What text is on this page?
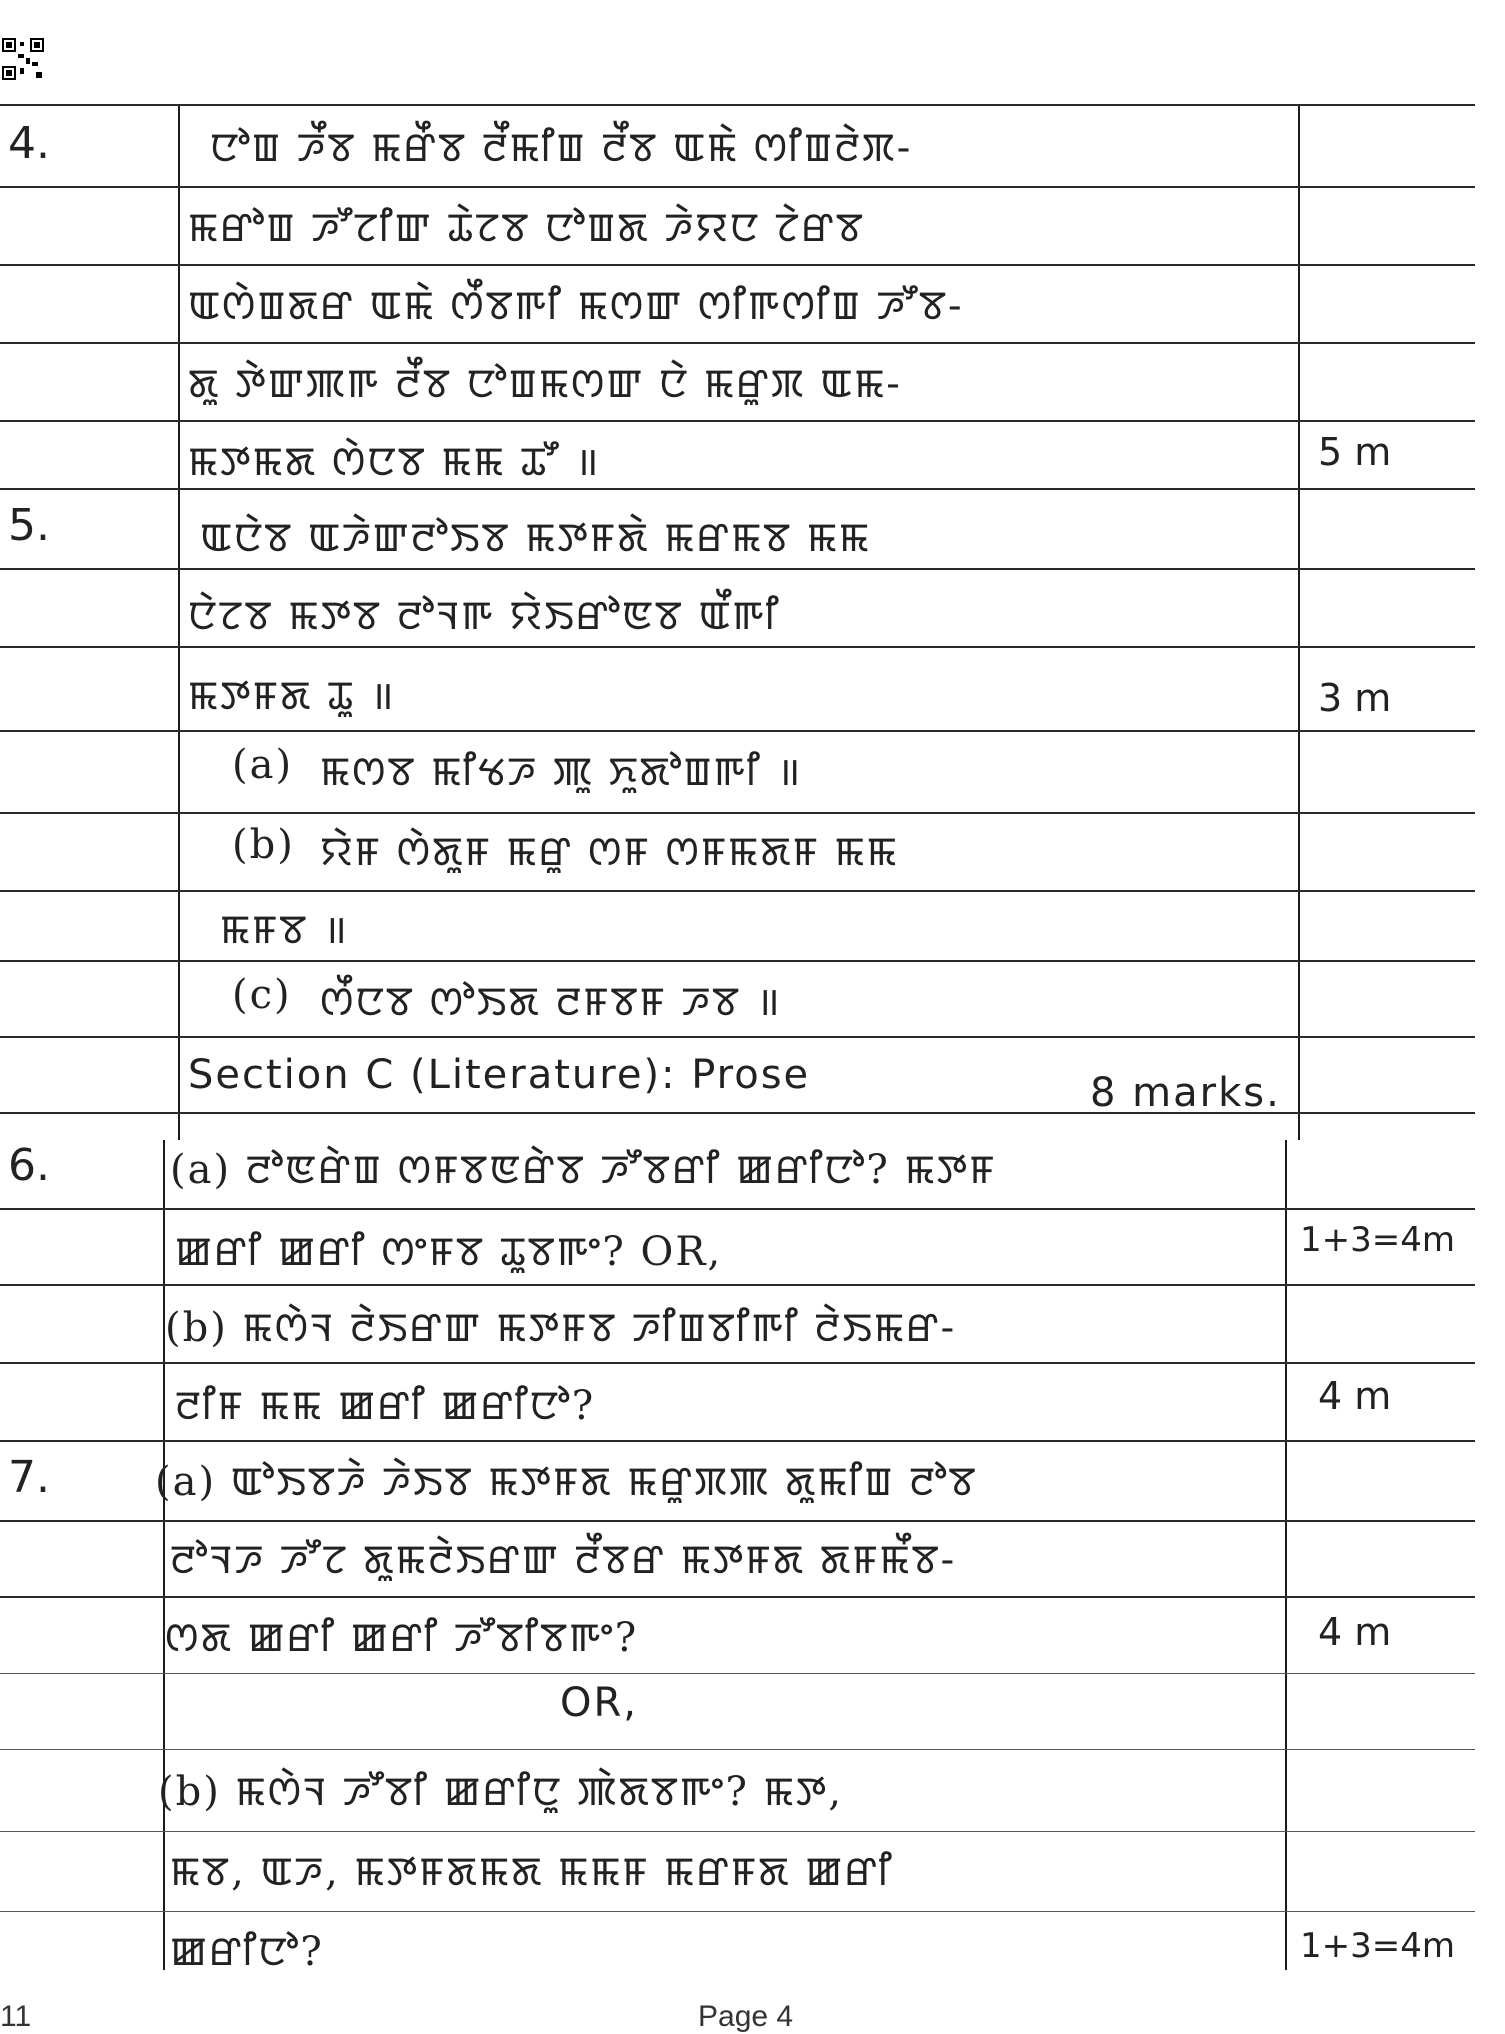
4.	ꯅꯣꯡ ꯍꯩꯕ ꯃꯔꯩꯕ ꯂꯩꯃꯤꯡ ꯂꯩꯕ ꯑꯃꯥ ꯁꯤꯡꯂꯥꯞ-
ꯃꯔꯣꯡ ꯍꯧꯖꯤꯛ ꯊꯥꯖꯕ ꯅꯣꯡꯗ ꯍꯥꯌꯅ ꯖꯥꯔꯕ
ꯑꯁꯥꯡꯗꯔ ꯑꯃꯥ ꯁꯩꯕꯒꯤ ꯃꯁꯛ ꯁꯤꯒꯁꯤꯡ ꯍꯧꯕ-
ꯗꯨ ꯇꯥꯛꯄꯒ ꯂꯩꯕ ꯅꯣꯡꯃꯁꯛ ꯅꯥ ꯃꯔꯨꯞ ꯑꯃ-
ꯃꯇꯃꯗ ꯁꯥꯅꯕ ꯃꯃ ꯊꯧ ॥	5 m
5.	ꯑꯅꯥꯕ ꯑꯍꯥꯛꯂꯣꯏꯕ ꯃꯇꯝꯗꯥ ꯃꯔꯃꯕ ꯃꯃ
ꯅꯥꯖꯕ ꯃꯇꯕ ꯂꯣꯜꯒ ꯌꯥꯏꯔꯣꯟꯕ ꯑꯩꯒꯤ
ꯃꯇꯝꯗ ꯊꯨ ॥	3 m
(a) ꯃꯁꯕ ꯃꯤꯠꯍ ꯄꯨ ꯈꯨꯗꯣꯡꯒꯤ ॥
(b) ꯌꯥꯝ ꯁꯥꯗꯨꯝ ꯃꯔꯨ ꯁꯝ ꯁꯝꯃꯗꯝ ꯃꯃ
ꯃꯝꯕ ॥
(c) ꯁꯩꯅꯕ ꯁꯣꯏꯗ ꯂꯝꯕꯝ ꯍꯕ ॥
Section C (Literature): Prose	8 marks.
6.	(a) ꯂꯣꯟꯔꯥꯡ ꯁꯝꯕꯟꯔꯥꯕ ꯍꯧꯕꯔꯤ ꯀꯔꯤꯅꯣ? ꯃꯇꯝ
ꯀꯔꯤ ꯀꯔꯤ ꯁꯦꯝꯕ ꯊꯨꯕꯒꯦ? OR,	1+3=4m
(b) ꯃꯁꯥꯜ ꯂꯥꯏꯔꯛ ꯃꯇꯝꯕ ꯍꯤꯡꯕꯤꯒꯤ ꯂꯥꯏꯃꯔ-
ꯂꯤꯝ ꯃꯃ ꯀꯔꯤ ꯀꯔꯤꯅꯣ?	4 m
7.	(a) ꯑꯣꯏꯕꯍꯥ ꯍꯥꯏꯕ ꯃꯇꯝꯗ ꯃꯔꯨꯞꯄ ꯗꯨꯃꯤꯡ ꯂꯣꯕ
ꯂꯣꯜꯍ ꯍꯧꯖ ꯗꯨꯃꯂꯥꯏꯔꯛ ꯂꯩꯕꯔ ꯃꯇꯝꯗ ꯗꯝꯃꯩꯕ-
ꯁꯗ ꯀꯔꯤ ꯀꯔꯤ ꯍꯧꯕꯤꯕꯒꯦ?	4 m
OR,
(b) ꯃꯁꯥꯜ ꯍꯧꯕꯤ ꯀꯔꯤꯅꯨ ꯄꯥꯗꯕꯒꯦ? ꯃꯇ,
ꯃꯕ, ꯑꯍ, ꯃꯇꯝꯗꯃꯗ ꯃꯃꯝ ꯃꯔꯝꯗ ꯀꯔꯤ
ꯀꯔꯤꯅꯣ?	1+3=4m
11	Page 4
